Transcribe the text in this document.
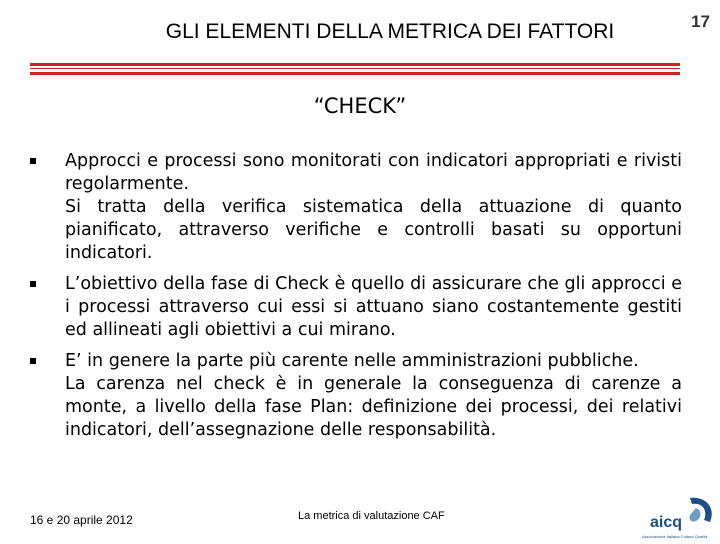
GLI ELEMENTI DELLA METRICA DEI FATTORI	17
“CHECK”

Approcci e processi sono monitorati con indicatori appropriati e rivisti regolarmente.

Si tratta della verifica sistematica della attuazione di quanto pianificato, attraverso verifiche e controlli basati su opportuni indicatori.

L’obiettivo della fase di Check è quello di assicurare che gli approcci e i processi attraverso cui essi si attuano siano costantemente gestiti ed allineati agli obiettivi a cui mirano.

E’ in genere la parte più carente nelle amministrazioni pubbliche.

La carenza nel check è in generale la conseguenza di carenze a monte, a livello della fase Plan: definizione dei processi, dei relativi indicatori, dell’assegnazione delle responsabilità.

16 e 20 aprile 2012	La metrica di valutazione CAF	aicq
Associazione Italiana Cultura Qualità
